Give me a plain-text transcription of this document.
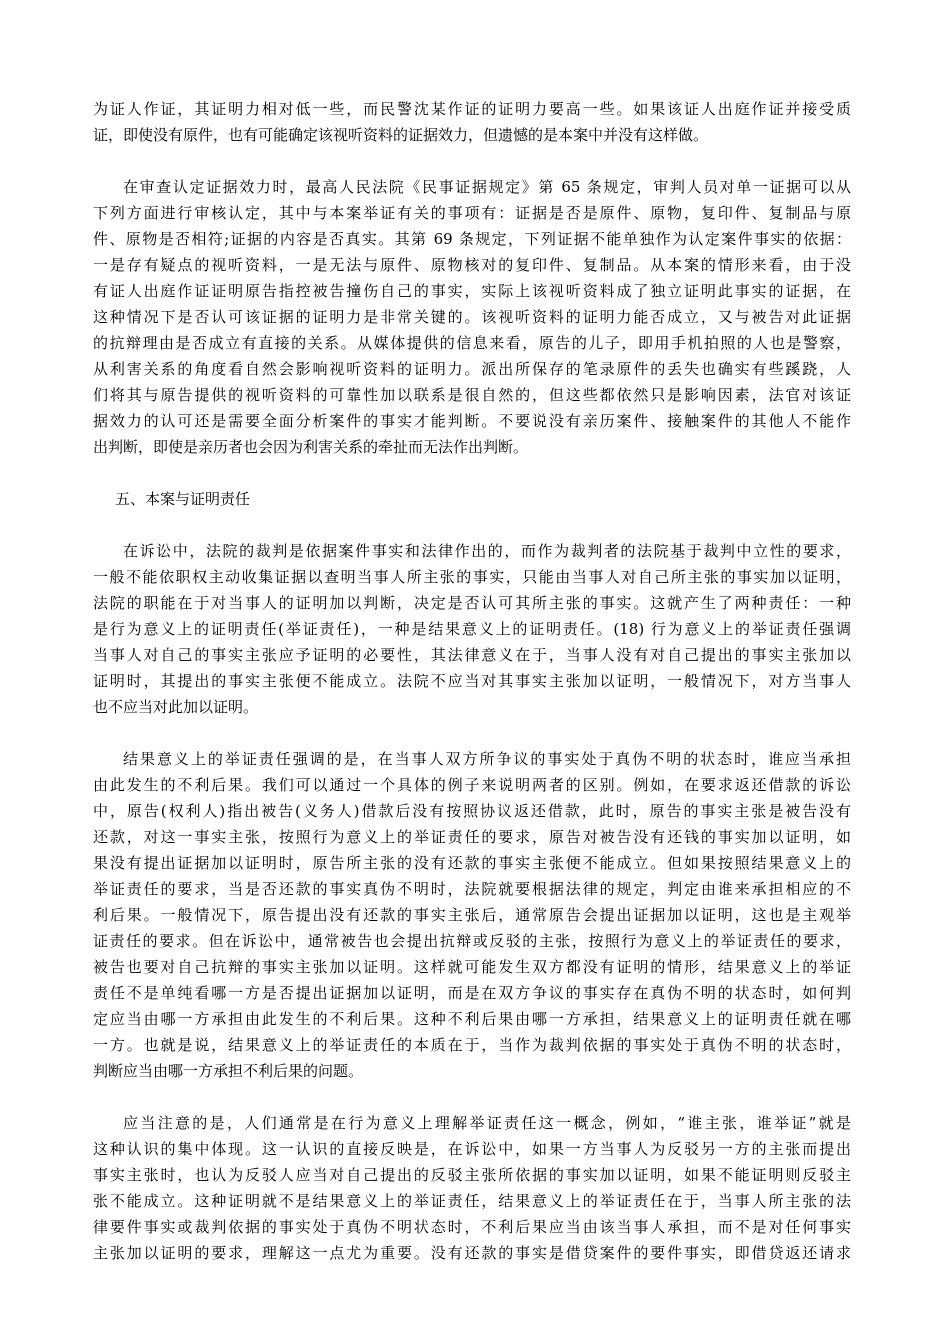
为证人作证，其证明力相对低一些，而民警沈某作证的证明力要高一些。如果该证人出庭作证并接受质
证，即使没有原件，也有可能确定该视听资料的证据效力，但遗憾的是本案中并没有这样做。
在审查认定证据效力时，最高人民法院《民事证据规定》第 65 条规定，审判人员对单一证据可以从
下列方面进行审核认定，其中与本案举证有关的事项有：证据是否是原件、原物，复印件、复制品与原
件、原物是否相符;证据的内容是否真实。其第 69 条规定，下列证据不能单独作为认定案件事实的依据：
一是存有疑点的视听资料，一是无法与原件、原物核对的复印件、复制品。从本案的情形来看，由于没
有证人出庭作证证明原告指控被告撞伤自己的事实，实际上该视听资料成了独立证明此事实的证据，在
这种情况下是否认可该证据的证明力是非常关键的。该视听资料的证明力能否成立，又与被告对此证据
的抗辩理由是否成立有直接的关系。从媒体提供的信息来看，原告的儿子，即用手机拍照的人也是警察，
从利害关系的角度看自然会影响视听资料的证明力。派出所保存的笔录原件的丢失也确实有些蹊跷，人
们将其与原告提供的视听资料的可靠性加以联系是很自然的，但这些都依然只是影响因素，法官对该证
据效力的认可还是需要全面分析案件的事实才能判断。不要说没有亲历案件、接触案件的其他人不能作
出判断，即使是亲历者也会因为利害关系的牵扯而无法作出判断。
五、本案与证明责任
在诉讼中，法院的裁判是依据案件事实和法律作出的，而作为裁判者的法院基于裁判中立性的要求，
一般不能依职权主动收集证据以查明当事人所主张的事实，只能由当事人对自己所主张的事实加以证明，
法院的职能在于对当事人的证明加以判断，决定是否认可其所主张的事实。这就产生了两种责任：一种
是行为意义上的证明责任(举证责任)，一种是结果意义上的证明责任。(18) 行为意义上的举证责任强调
当事人对自己的事实主张应予证明的必要性，其法律意义在于，当事人没有对自己提出的事实主张加以
证明时，其提出的事实主张便不能成立。法院不应当对其事实主张加以证明，一般情况下，对方当事人
也不应当对此加以证明。
结果意义上的举证责任强调的是，在当事人双方所争议的事实处于真伪不明的状态时，谁应当承担
由此发生的不利后果。我们可以通过一个具体的例子来说明两者的区别。例如，在要求返还借款的诉讼
中，原告(权利人)指出被告(义务人)借款后没有按照协议返还借款，此时，原告的事实主张是被告没有
还款，对这一事实主张，按照行为意义上的举证责任的要求，原告对被告没有还钱的事实加以证明，如
果没有提出证据加以证明时，原告所主张的没有还款的事实主张便不能成立。但如果按照结果意义上的
举证责任的要求，当是否还款的事实真伪不明时，法院就要根据法律的规定，判定由谁来承担相应的不
利后果。一般情况下，原告提出没有还款的事实主张后，通常原告会提出证据加以证明，这也是主观举
证责任的要求。但在诉讼中，通常被告也会提出抗辩或反驳的主张，按照行为意义上的举证责任的要求，
被告也要对自己抗辩的事实主张加以证明。这样就可能发生双方都没有证明的情形，结果意义上的举证
责任不是单纯看哪一方是否提出证据加以证明，而是在双方争议的事实存在真伪不明的状态时，如何判
定应当由哪一方承担由此发生的不利后果。这种不利后果由哪一方承担，结果意义上的证明责任就在哪
一方。也就是说，结果意义上的举证责任的本质在于，当作为裁判依据的事实处于真伪不明的状态时，
判断应当由哪一方承担不利后果的问题。
应当注意的是，人们通常是在行为意义上理解举证责任这一概念，例如，“谁主张，谁举证”就是
这种认识的集中体现。这一认识的直接反映是，在诉讼中，如果一方当事人为反驳另一方的主张而提出
事实主张时，也认为反驳人应当对自己提出的反驳主张所依据的事实加以证明，如果不能证明则反驳主
张不能成立。这种证明就不是结果意义上的举证责任，结果意义上的举证责任在于，当事人所主张的法
律要件事实或裁判依据的事实处于真伪不明状态时，不利后果应当由该当事人承担，而不是对任何事实
主张加以证明的要求，理解这一点尤为重要。没有还款的事实是借贷案件的要件事实，即借贷返还请求
